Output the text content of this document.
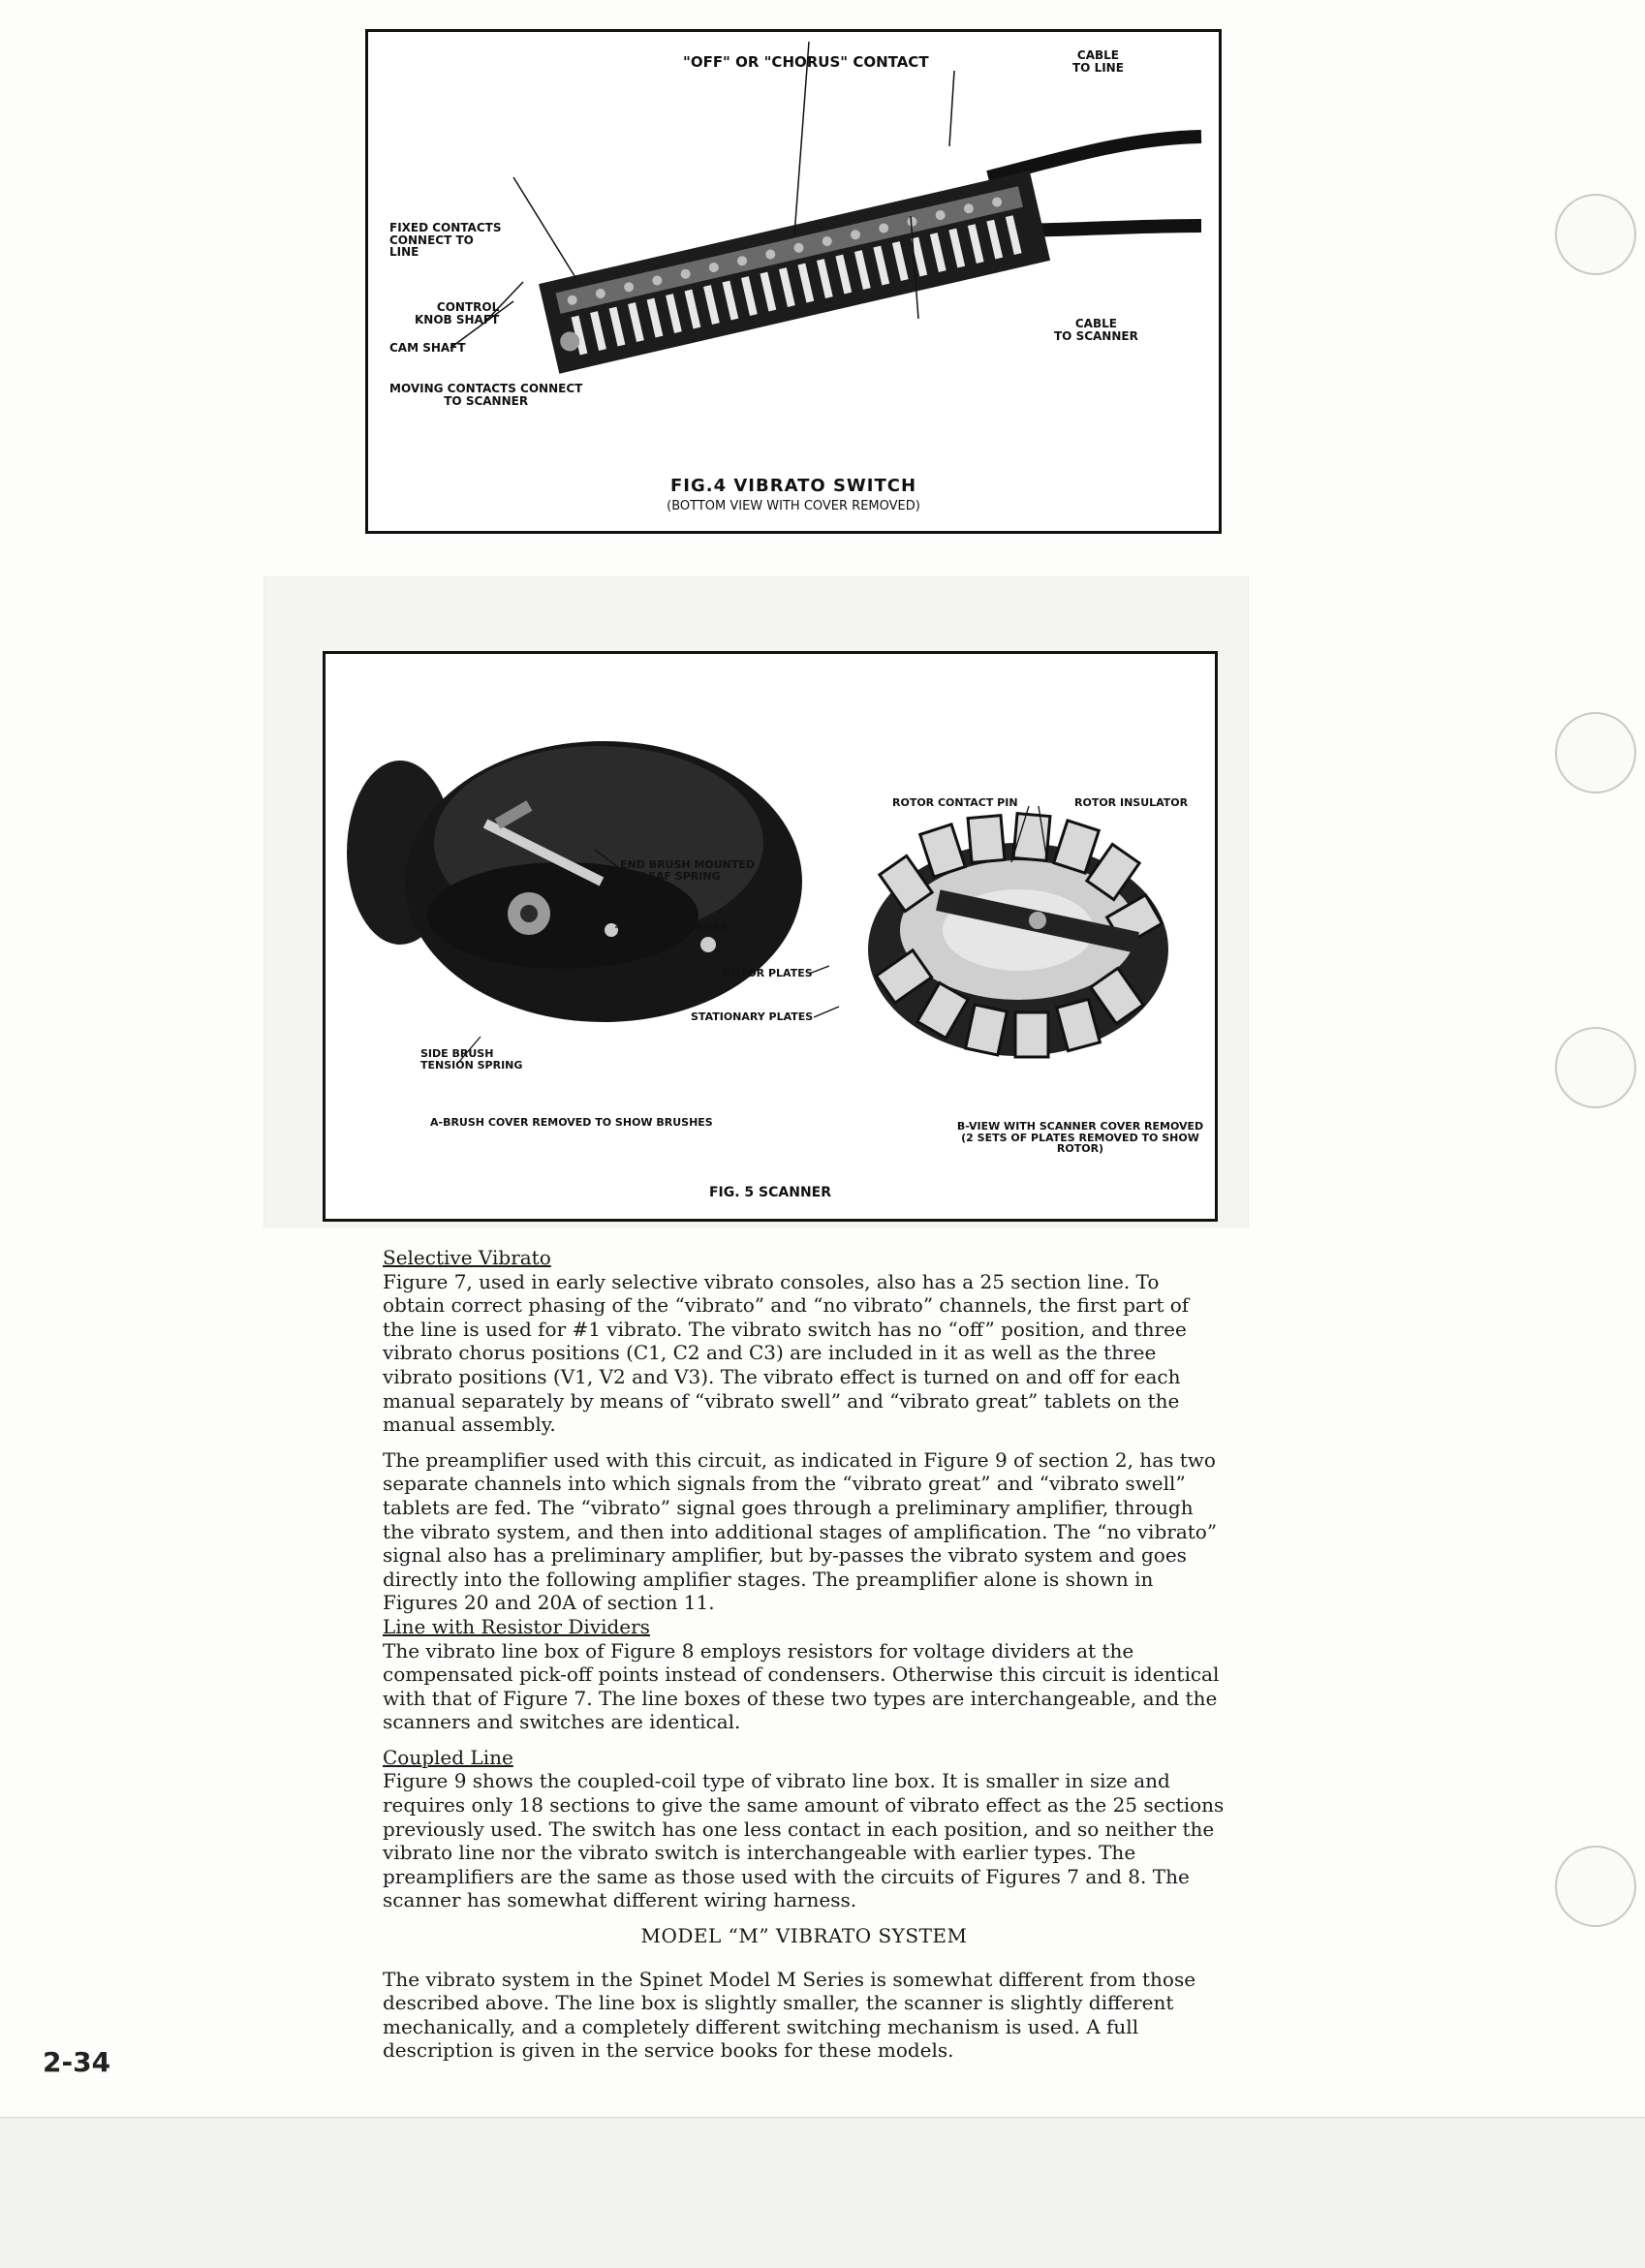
"OFF" OR "CHORUS" CONTACT	CABLE
TO LINE
FIXED CONTACTS
CONNECT TO
LINE
CONTROL
KNOB SHAFT
CAM SHAFT
CABLE
TO SCANNER
MOVING CONTACTS CONNECT
TO SCANNER
FIG.4 VIBRATO SWITCH
(BOTTOM VIEW WITH COVER REMOVED)
ROTOR CONTACT PIN	ROTOR INSULATOR
END BRUSH MOUNTED
ON LEAF SPRING
2 SIDE BRUSHES
ROTOR PLATES
STATIONARY PLATES
SIDE BRUSH
TENSION SPRING
A-BRUSH COVER REMOVED TO SHOW BRUSHES	B-VIEW WITH SCANNER COVER REMOVED
(2 SETS OF PLATES REMOVED TO SHOW ROTOR)
FIG. 5 SCANNER
Selective Vibrato

Figure 7, used in early selective vibrato consoles, also has a 25 section line. To obtain correct phasing of the “vibrato” and “no vibrato” channels, the first part of the line is used for #1 vibrato. The vibrato switch has no “off” position, and three vibrato chorus positions (C1, C2 and C3) are included in it as well as the three vibrato positions (V1, V2 and V3). The vibrato effect is turned on and off for each manual separately by means of “vibrato swell” and “vibrato great” tablets on the manual assembly.

The preamplifier used with this circuit, as indicated in Figure 9 of section 2, has two separate channels into which signals from the “vibrato great” and “vibrato swell” tablets are fed. The “vibrato” signal goes through a preliminary amplifier, through the vibrato system, and then into additional stages of amplification. The “no vibrato” signal also has a preliminary amplifier, but by-passes the vibrato system and goes directly into the following amplifier stages. The preamplifier alone is shown in Figures 20 and 20A of section 11.

Line with Resistor Dividers

The vibrato line box of Figure 8 employs resistors for voltage dividers at the compensated pick-off points instead of condensers. Otherwise this circuit is identical with that of Figure 7. The line boxes of these two types are interchangeable, and the scanners and switches are identical.

Coupled Line

Figure 9 shows the coupled-coil type of vibrato line box. It is smaller in size and requires only 18 sections to give the same amount of vibrato effect as the 25 sections previously used. The switch has one less contact in each position, and so neither the vibrato line nor the vibrato switch is interchangeable with earlier types. The preamplifiers are the same as those used with the circuits of Figures 7 and 8. The scanner has somewhat different wiring harness.

MODEL “M” VIBRATO SYSTEM

The vibrato system in the Spinet Model M Series is somewhat different from those described above. The line box is slightly smaller, the scanner is slightly different mechanically, and a completely different switching mechanism is used. A full description is given in the service books for these models.

2-34
